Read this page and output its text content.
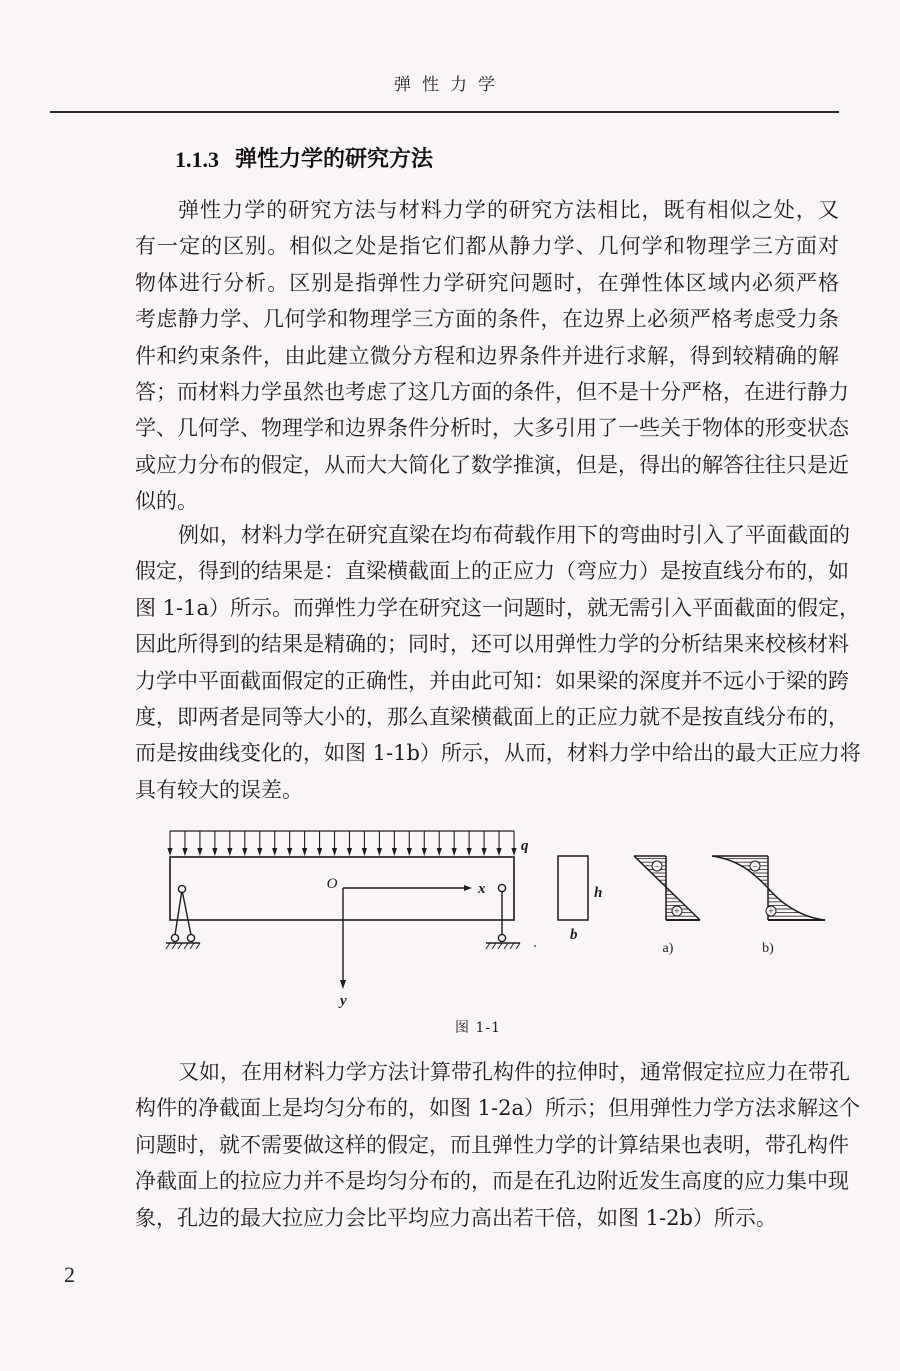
弹性力学
1.1.3 弹性力学的研究方法
弹性力学的研究方法与材料力学的研究方法相比，既有相似之处，又
有一定的区别。相似之处是指它们都从静力学、几何学和物理学三方面对
物体进行分析。区别是指弹性力学研究问题时，在弹性体区域内必须严格
考虑静力学、几何学和物理学三方面的条件，在边界上必须严格考虑受力条
件和约束条件，由此建立微分方程和边界条件并进行求解，得到较精确的解
答；而材料力学虽然也考虑了这几方面的条件，但不是十分严格，在进行静力
学、几何学、物理学和边界条件分析时，大多引用了一些关于物体的形变状态
或应力分布的假定，从而大大简化了数学推演，但是，得出的解答往往只是近
似的。
例如，材料力学在研究直梁在均布荷载作用下的弯曲时引入了平面截面的
假定，得到的结果是：直梁横截面上的正应力（弯应力）是按直线分布的，如
图 1-1a）所示。而弹性力学在研究这一问题时，就无需引入平面截面的假定，
因此所得到的结果是精确的；同时，还可以用弹性力学的分析结果来校核材料
力学中平面截面假定的正确性，并由此可知：如果梁的深度并不远小于梁的跨
度，即两者是同等大小的，那么直梁横截面上的正应力就不是按直线分布的，
而是按曲线变化的，如图 1-1b）所示，从而，材料力学中给出的最大正应力将
具有较大的误差。
q
O	x
y
h
b
−
+
a)
−
+
b)
图 1-1
又如，在用材料力学方法计算带孔构件的拉伸时，通常假定拉应力在带孔
构件的净截面上是均匀分布的，如图 1-2a）所示；但用弹性力学方法求解这个
问题时，就不需要做这样的假定，而且弹性力学的计算结果也表明，带孔构件
净截面上的拉应力并不是均匀分布的，而是在孔边附近发生高度的应力集中现
象，孔边的最大拉应力会比平均应力高出若干倍，如图 1-2b）所示。
2
